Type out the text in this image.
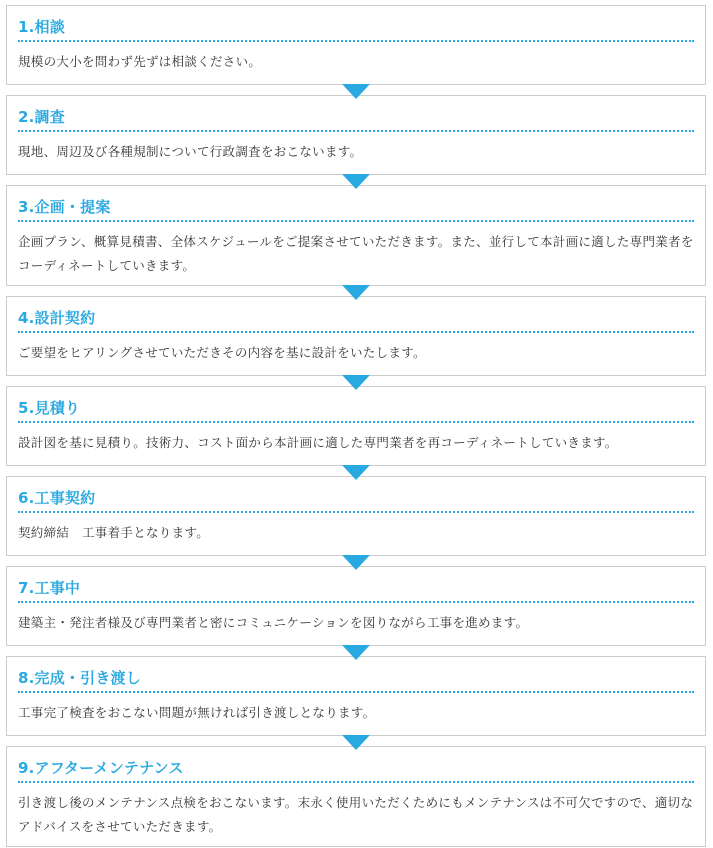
1.相談

規模の大小を問わず先ずは相談ください。

2.調査

現地、周辺及び各種規制について行政調査をおこないます。

3.企画・提案

企画プラン、概算見積書、全体スケジュールをご提案させていただきます。また、並行して本計画に適した専門業者をコーディネートしていきます。

4.設計契約

ご要望をヒアリングさせていただきその内容を基に設計をいたします。

5.見積り

設計図を基に見積り。技術力、コスト面から本計画に適した専門業者を再コーディネートしていきます。

6.工事契約

契約締結　工事着手となります。

7.工事中

建築主・発注者様及び専門業者と密にコミュニケーションを図りながら工事を進めます。

8.完成・引き渡し

工事完了検査をおこない問題が無ければ引き渡しとなります。

9.アフターメンテナンス

引き渡し後のメンテナンス点検をおこないます。末永く使用いただくためにもメンテナンスは不可欠ですので、適切なアドバイスをさせていただきます。
